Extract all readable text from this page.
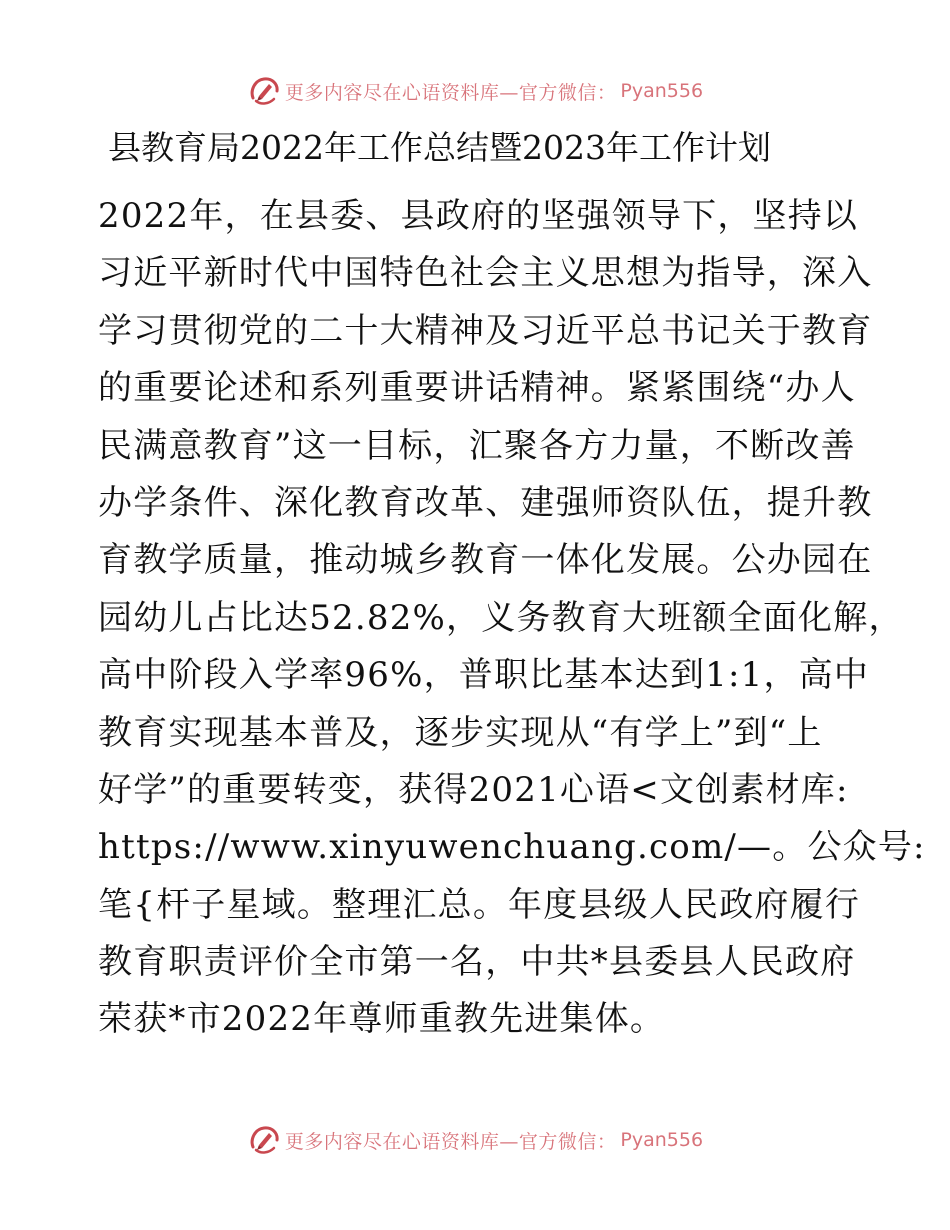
更多内容尽在心语资料库—官方微信： Pyan556
县教育局2022年工作总结暨2023年工作计划
2022年，在县委、县政府的坚强领导下，坚持以
习近平新时代中国特色社会主义思想为指导，深入
学习贯彻党的二十大精神及习近平总书记关于教育
的重要论述和系列重要讲话精神。紧紧围绕“办人
民满意教育”这一目标，汇聚各方力量，不断改善
办学条件、深化教育改革、建强师资队伍，提升教
育教学质量，推动城乡教育一体化发展。公办园在
园幼儿占比达52.82%，义务教育大班额全面化解，
高中阶段入学率96%，普职比基本达到1:1，高中
教育实现基本普及，逐步实现从“有学上”到“上
好学”的重要转变，获得2021心语<文创素材库:
https://www.xinyuwenchuang.com/—。公众号:
笔{杆子星域。整理汇总。年度县级人民政府履行
教育职责评价全市第一名，中共*县委县人民政府
荣获*市2022年尊师重教先进集体。
更多内容尽在心语资料库—官方微信： Pyan556
